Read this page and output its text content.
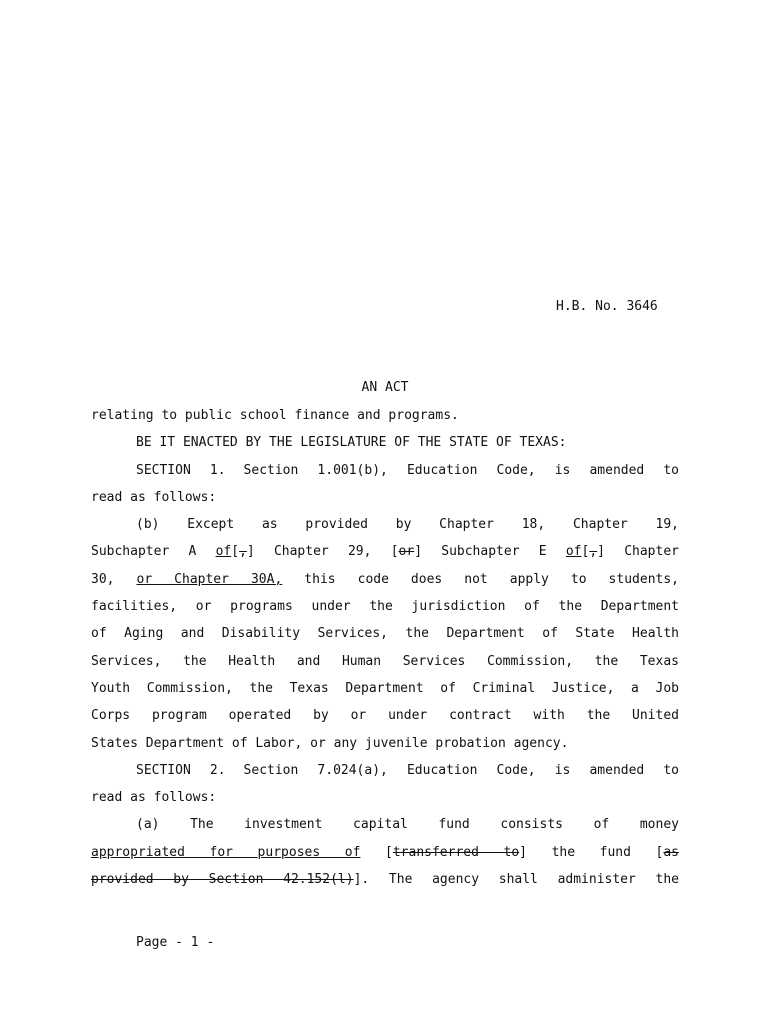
H.B. No. 3646
AN ACT
relating to public school finance and programs.
BE IT ENACTED BY THE LEGISLATURE OF THE STATE OF TEXAS:
SECTION 1. Section 1.001(b), Education Code, is amended to
read as follows:
(b) Except as provided by Chapter 18, Chapter 19,
Subchapter A of[,] Chapter 29, [or] Subchapter E of[,] Chapter
30, or Chapter 30A, this code does not apply to students,
facilities, or programs under the jurisdiction of the Department
of Aging and Disability Services, the Department of State Health
Services, the Health and Human Services Commission, the Texas
Youth Commission, the Texas Department of Criminal Justice, a Job
Corps program operated by or under contract with the United
States Department of Labor, or any juvenile probation agency.
SECTION 2. Section 7.024(a), Education Code, is amended to
read as follows:
(a) The investment capital fund consists of money
appropriated for purposes of [transferred to] the fund [as
provided by Section 42.152(l)]. The agency shall administer the
Page - 1 -
